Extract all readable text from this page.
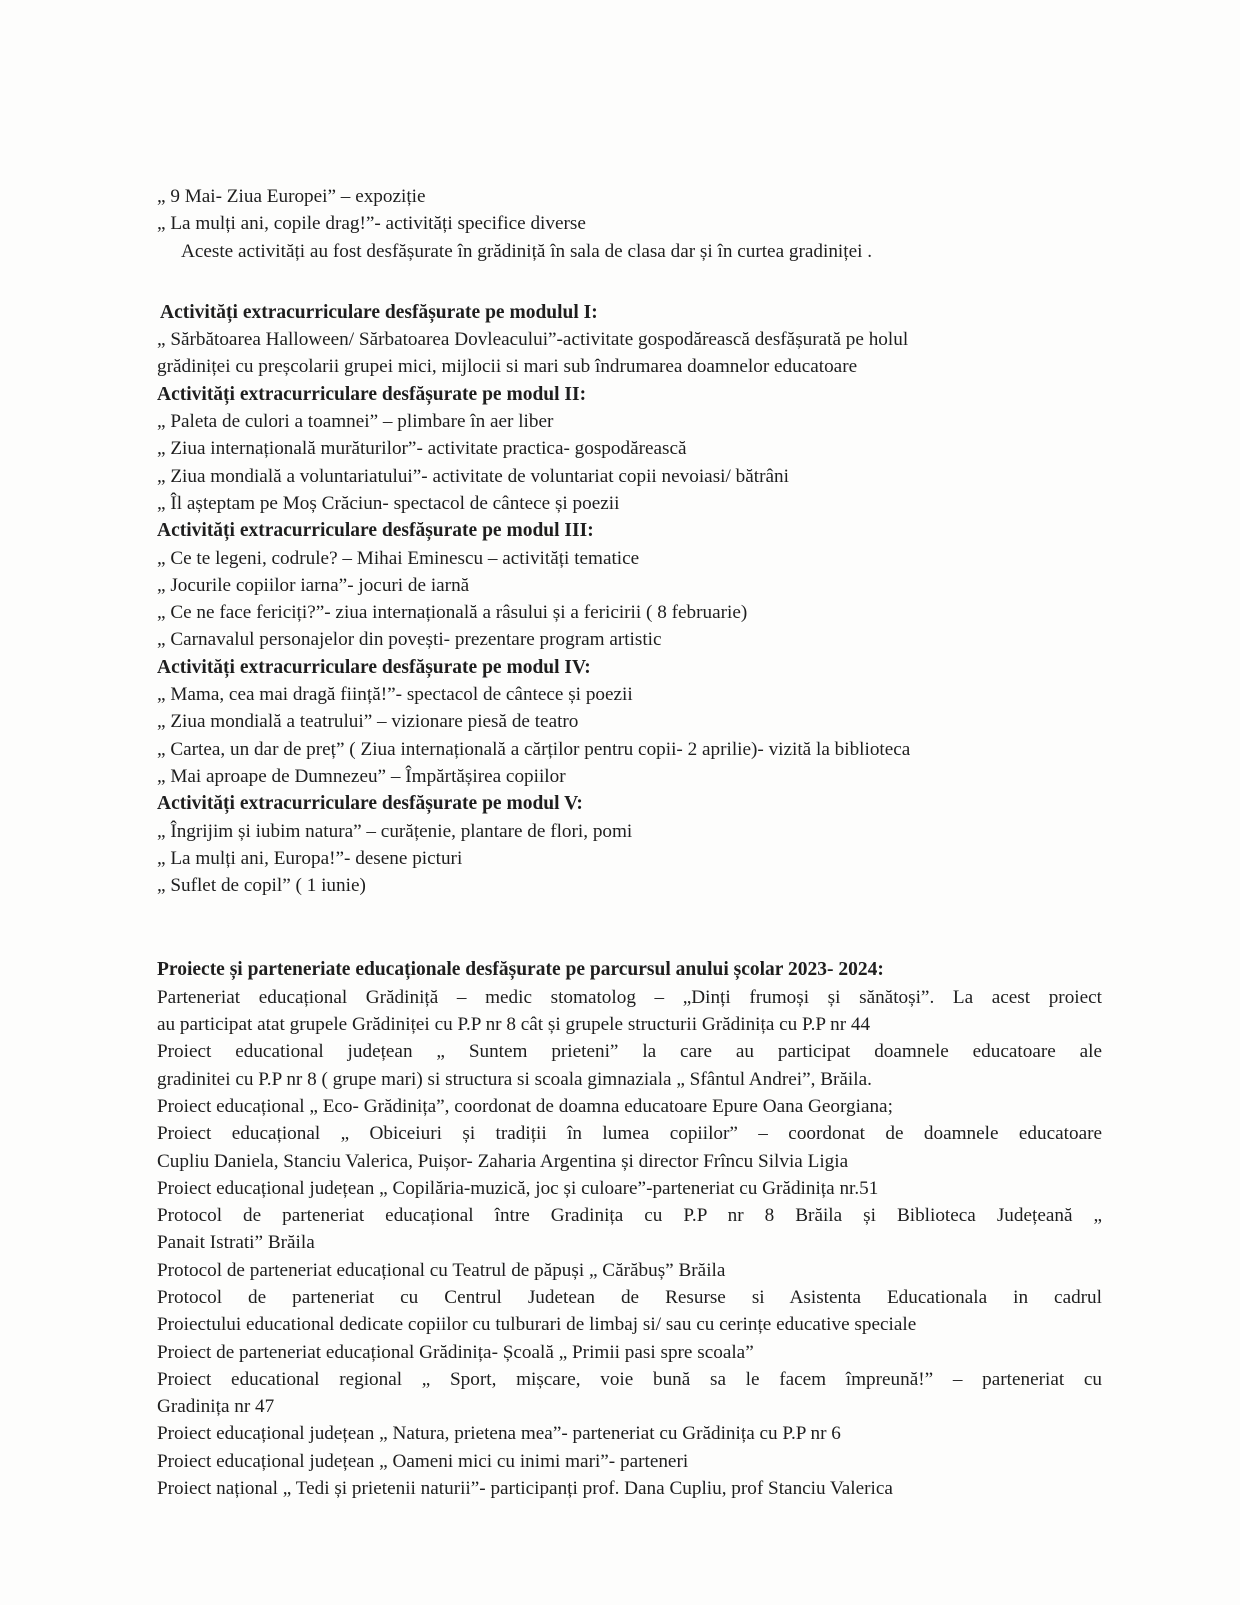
„ 9 Mai- Ziua Europei” – expoziție
„ La mulți ani, copile drag!”- activități specifice diverse
Aceste activități au fost desfășurate în grădiniță în sala de clasa dar și în curtea gradiniței .
Activități extracurriculare desfășurate pe modulul I:
„ Sărbătoarea Halloween/ Sărbatoarea Dovleacului”-activitate gospodărească desfășurată pe holul
grădiniței cu preșcolarii grupei mici, mijlocii si mari sub îndrumarea doamnelor educatoare
Activități extracurriculare desfășurate pe modul II:
„ Paleta de culori a toamnei” – plimbare în aer liber
„ Ziua internațională murăturilor”- activitate practica- gospodărească
„ Ziua mondială a voluntariatului”- activitate de voluntariat copii nevoiasi/ bătrâni
„ Îl așteptam pe Moș Crăciun- spectacol de cântece și poezii
Activități extracurriculare desfășurate pe modul III:
„ Ce te legeni, codrule? – Mihai Eminescu – activități tematice
„ Jocurile copiilor iarna”- jocuri de iarnă
„ Ce ne face fericiți?”- ziua internațională a râsului și a fericirii ( 8 februarie)
„ Carnavalul personajelor din povești- prezentare program artistic
Activități extracurriculare desfășurate pe modul IV:
„ Mama, cea mai dragă ființă!”- spectacol de cântece și poezii
„ Ziua mondială a teatrului” – vizionare piesă de teatro
„ Cartea, un dar de preț” ( Ziua internațională a cărților pentru copii- 2 aprilie)- vizită la biblioteca
„ Mai aproape de Dumnezeu” – Împărtășirea copiilor
Activități extracurriculare desfășurate pe modul V:
„ Îngrijim și iubim natura” – curățenie, plantare de flori, pomi
„ La mulți ani, Europa!”- desene picturi
„ Suflet de copil” ( 1 iunie)
Proiecte și parteneriate educaționale desfășurate pe parcursul anului școlar 2023- 2024:
Parteneriat educațional Grădiniță – medic stomatolog – „Dinți frumoși și sănătoși”. La acest proiect
au participat atat grupele Grădiniței cu P.P nr 8 cât și grupele structurii Grădinița cu P.P nr 44
Proiect educational județean „ Suntem prieteni” la care au participat doamnele educatoare ale
gradinitei cu P.P nr 8 ( grupe mari) si structura si scoala gimnaziala „ Sfântul Andrei”, Brăila.
Proiect educațional „ Eco- Grădinița”, coordonat de doamna educatoare Epure Oana Georgiana;
Proiect educațional „ Obiceiuri și tradiții în lumea copiilor” – coordonat de doamnele educatoare
Cupliu Daniela, Stanciu Valerica, Puișor- Zaharia Argentina și director Frîncu Silvia Ligia
Proiect educațional județean „ Copilăria-muzică, joc și culoare”-parteneriat cu Grădinița nr.51
Protocol de parteneriat educațional între Gradinița cu P.P nr 8 Brăila și Biblioteca Județeană „
Panait Istrati” Brăila
Protocol de parteneriat educațional cu Teatrul de păpuși „ Cărăbuș” Brăila
Protocol de parteneriat cu Centrul Judetean de Resurse si Asistenta Educationala in cadrul
Proiectului educational dedicate copiilor cu tulburari de limbaj si/ sau cu cerințe educative speciale
Proiect de parteneriat educațional Grădinița- Școală „ Primii pasi spre scoala”
Proiect educational regional „ Sport, mișcare, voie bună sa le facem împreună!” – parteneriat cu
Gradinița nr 47
Proiect educațional județean „ Natura, prietena mea”- parteneriat cu Grădinița cu P.P nr 6
Proiect educațional județean „ Oameni mici cu inimi mari”- parteneri
Proiect național „ Tedi și prietenii naturii”- participanți prof. Dana Cupliu, prof Stanciu Valerica
